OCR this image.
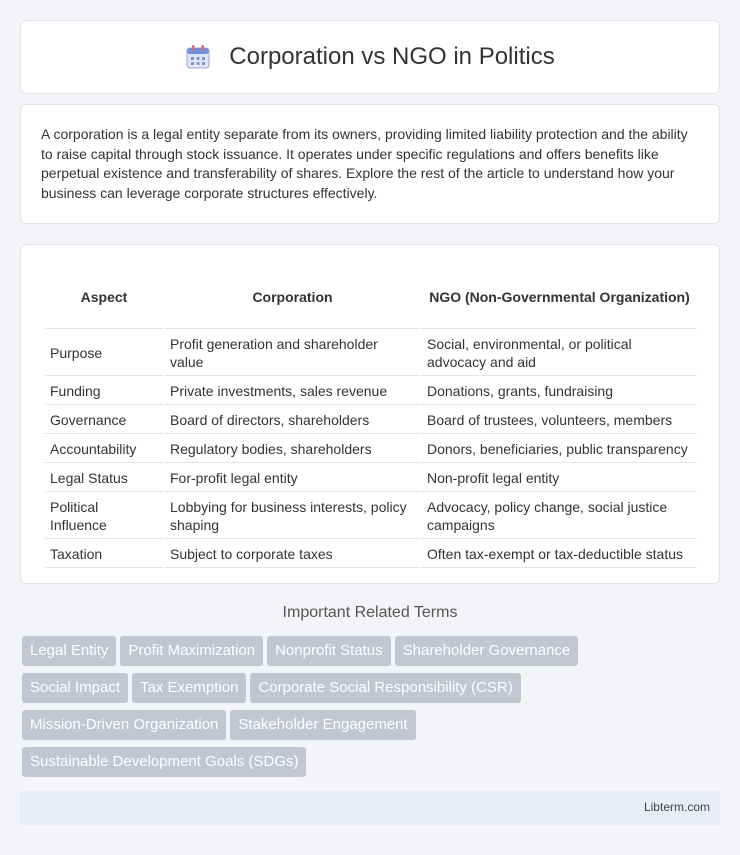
Corporation vs NGO in Politics

A corporation is a legal entity separate from its owners, providing limited liability protection and the ability to raise capital through stock issuance. It operates under specific regulations and offers benefits like perpetual existence and transferability of shares. Explore the rest of the article to understand how your business can leverage corporate structures effectively.

Aspect	Corporation	NGO (Non-Governmental Organization)
Purpose	Profit generation and shareholder value	Social, environmental, or political advocacy and aid
Funding	Private investments, sales revenue	Donations, grants, fundraising
Governance	Board of directors, shareholders	Board of trustees, volunteers, members
Accountability	Regulatory bodies, shareholders	Donors, beneficiaries, public transparency
Legal Status	For-profit legal entity	Non-profit legal entity
Political Influence	Lobbying for business interests, policy shaping	Advocacy, policy change, social justice campaigns
Taxation	Subject to corporate taxes	Often tax-exempt or tax-deductible status
Important Related Terms
Legal Entity Profit Maximization Nonprofit Status Shareholder Governance
Social Impact Tax Exemption Corporate Social Responsibility (CSR)
Mission-Driven Organization Stakeholder Engagement
Sustainable Development Goals (SDGs)
Libterm.com
